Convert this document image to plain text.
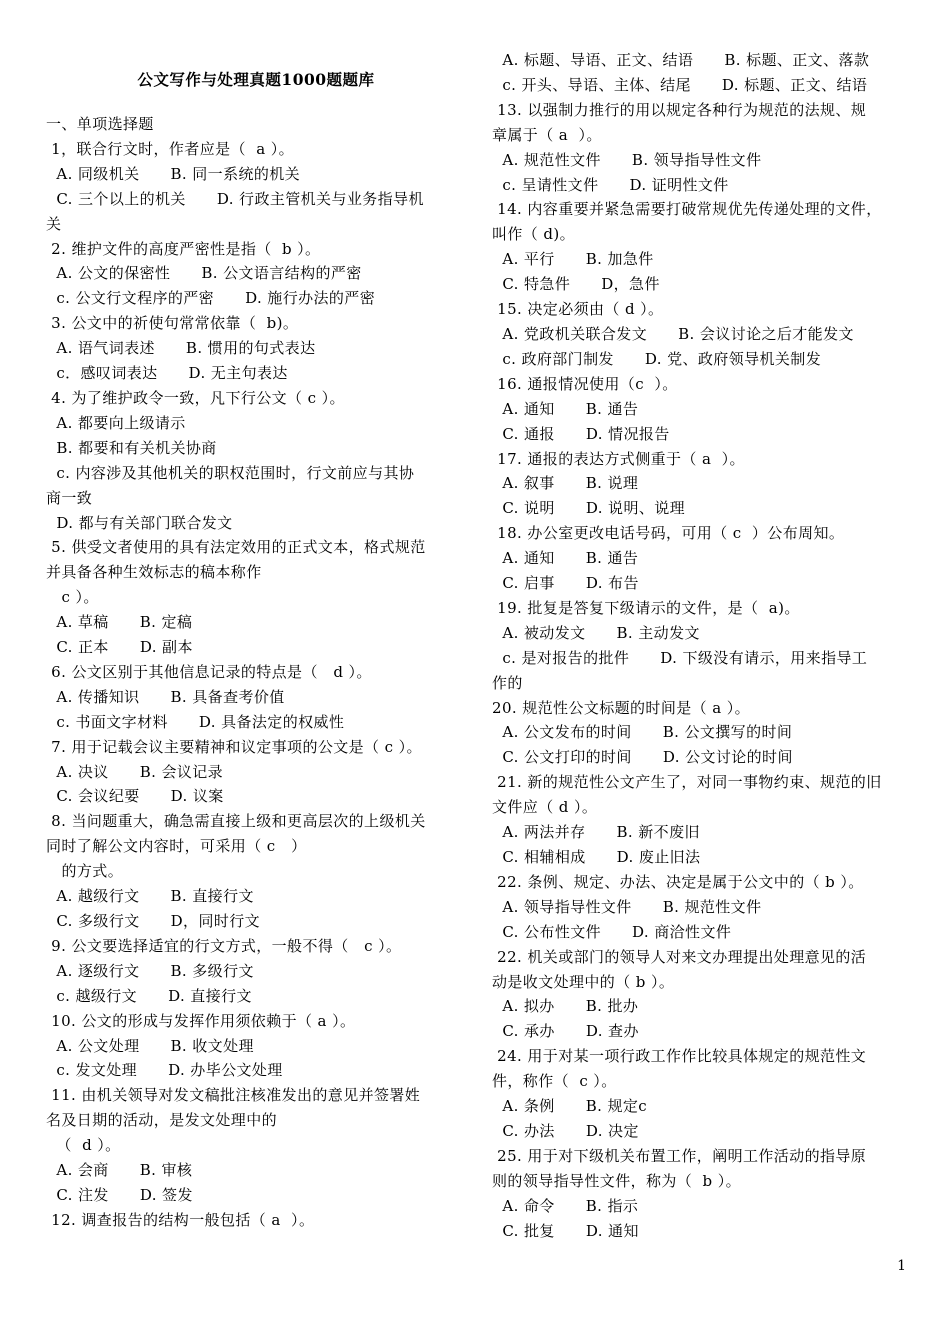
公文写作与处理真题1000题题库
一、单项选择题
1，联合行文时，作者应是（  a ）。
A. 同级机关      B. 同一系统的机关
C. 三个以上的机关      D. 行政主管机关与业务指导机
关
2. 维护文件的高度严密性是指（  b ）。
A. 公文的保密性      B. 公文语言结构的严密
c. 公文行文程序的严密      D. 施行办法的严密
3. 公文中的祈使句常常依靠（  b)。
A. 语气词表述      B. 惯用的句式表达
c．感叹词表达      D. 无主句表达
4. 为了维护政令一致，凡下行公文（ c ）。
A. 都要向上级请示
B. 都要和有关机关协商
c. 内容涉及其他机关的职权范围时，行文前应与其协
商一致
D. 都与有关部门联合发文
5. 供受文者使用的具有法定效用的正式文本，格式规范
并具备各种生效标志的稿本称作
c ）。
A. 草稿      B. 定稿
C. 正本      D. 副本
6. 公文区别于其他信息记录的特点是（   d ）。
A. 传播知识      B. 具备查考价值
c. 书面文字材料      D. 具备法定的权威性
7. 用于记载会议主要精神和议定事项的公文是（ c ）。
A. 决议      B. 会议记录
C. 会议纪要      D. 议案
8. 当问题重大，确急需直接上级和更高层次的上级机关
同时了解公文内容时，可采用（ c   ）
的方式。
A. 越级行文      B. 直接行文
C. 多级行文      D，同时行文
9. 公文要选择适宜的行文方式，一般不得（   c ）。
A. 逐级行文      B. 多级行文
c. 越级行文      D. 直接行文
10. 公文的形成与发挥作用须依赖于（ a ）。
A. 公文处理      B. 收文处理
c. 发文处理      D. 办毕公文处理
11. 由机关领导对发文稿批注核准发出的意见并签署姓
名及日期的活动，是发文处理中的
（  d ）。
A. 会商      B. 审核
C. 注发      D. 签发
12. 调查报告的结构一般包括（ a  ）。
A. 标题、导语、正文、结语      B. 标题、正文、落款
c. 开头、导语、主体、结尾      D. 标题、正文、结语
13. 以强制力推行的用以规定各种行为规范的法规、规
章属于（ a  ）。
A. 规范性文件      B. 领导指导性文件
c. 呈请性文件      D. 证明性文件
14. 内容重要并紧急需要打破常规优先传递处理的文件，
叫作（ d)。
A. 平行      B. 加急件
C. 特急件      D，急件
15. 决定必须由（ d ）。
A. 党政机关联合发文      B. 会议讨论之后才能发文
c. 政府部门制发      D. 党、政府领导机关制发
16. 通报情况使用（c  ）。
A. 通知      B. 通告
C. 通报      D. 情况报告
17. 通报的表达方式侧重于（ a  ）。
A. 叙事      B. 说理
C. 说明      D. 说明、说理
18. 办公室更改电话号码，可用（ c  ）公布周知。
A. 通知      B. 通告
C. 启事      D. 布告
19. 批复是答复下级请示的文件，是（  a)。
A. 被动发文      B. 主动发文
c. 是对报告的批件      D. 下级没有请示，用来指导工
作的
20. 规范性公文标题的时间是（ a ）。
A. 公文发布的时间      B. 公文撰写的时间
C. 公文打印的时间      D. 公文讨论的时间
21. 新的规范性公文产生了，对同一事物约束、规范的旧
文件应（ d ）。
A. 两法并存      B. 新不废旧
C. 相辅相成      D. 废止旧法
22. 条例、规定、办法、决定是属于公文中的（ b ）。
A. 领导指导性文件      B. 规范性文件
C. 公布性文件      D. 商洽性文件
22. 机关或部门的领导人对来文办理提出处理意见的活
动是收文处理中的（ b ）。
A. 拟办      B. 批办
C. 承办      D. 查办
24. 用于对某一项行政工作作比较具体规定的规范性文
件，称作（  c ）。
A. 条例      B. 规定c
C. 办法      D. 决定
25. 用于对下级机关布置工作，阐明工作活动的指导原
则的领导指导性文件，称为（  b ）。
A. 命令      B. 指示
C. 批复      D. 通知
1
